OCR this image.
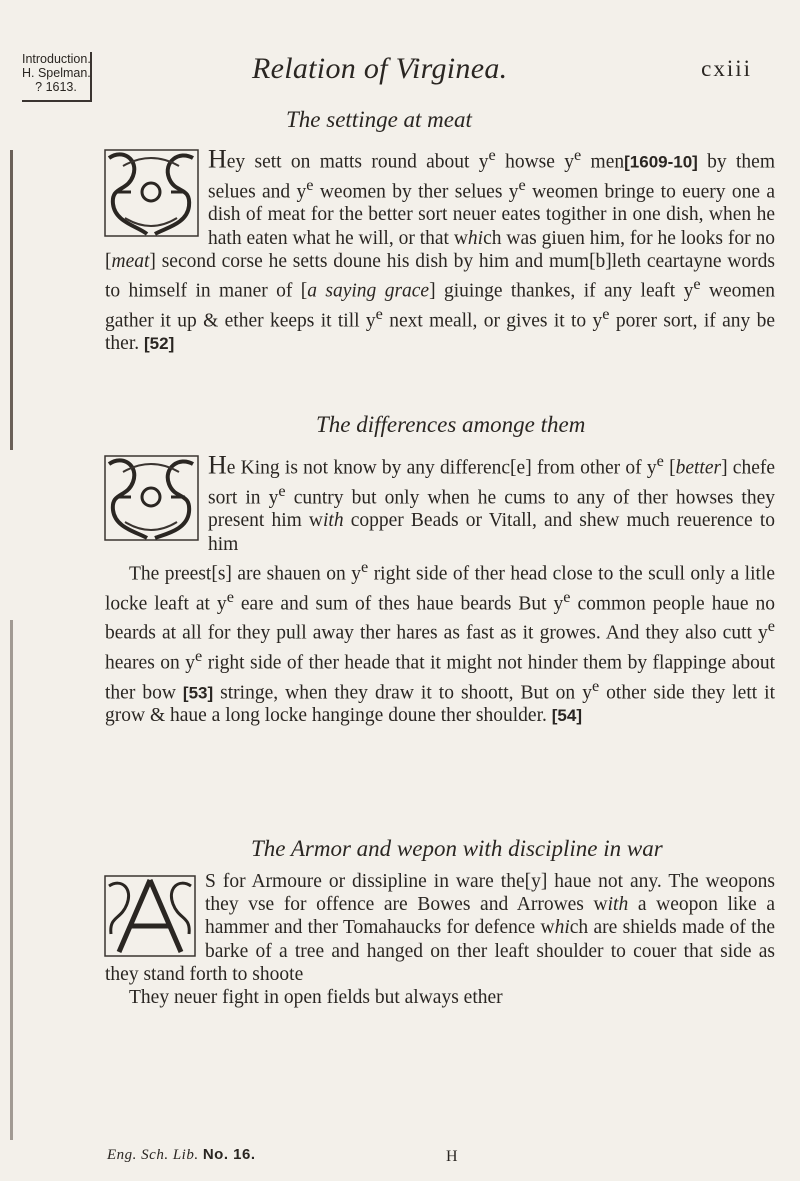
Introduction.
H. Spelman.
? 1613.
Relation of Virginea.	cxiii
The settinge at meat

Hey sett on matts round about $y^e$ howse $y^e$ men[1609-10] by them selues and $y^e$ weomen by ther selues $y^e$ weomen bringe to euery one a dish of meat for the better sort neuer eates togither in one dish, when he hath eaten what he will, or that which was giuen him, for he looks for no [meat] second corse he setts doune his dish by him and mum[b]leth ceartayne words to himself in maner of [a saying grace] giuinge thankes, if any leaft $y^e$ weomen gather it up & ether keeps it till $y^e$ next meall, or gives it to $y^e$ porer sort, if any be ther. [52]

The differences amonge them

He King is not know by any differenc[e] from other of $y^e$ [better] chefe sort in $y^e$ cuntry but only when he cums to any of ther howses they present him with copper Beads or Vitall, and shew much reuerence to him

The preest[s] are shauen on $y^e$ right side of ther head close to the scull only a litle locke leaft at $y^e$ eare and sum of thes haue beards But $y^e$ common people haue no beards at all for they pull away ther hares as fast as it growes. And they also cutt $y^e$ heares on $y^e$ right side of ther heade that it might not hinder them by flappinge about ther bow [53] stringe, when they draw it to shoott, But on $y^e$ other side they lett it grow & haue a long locke hanginge doune ther shoulder. [54]

The Armor and wepon with discipline in war

S for Armoure or dissipline in ware the[y] haue not any. The weopons they vse for offence are Bowes and Arrowes with a weopon like a hammer and ther Tomahaucks for defence which are shields made of the barke of a tree and hanged on ther leaft shoulder to couer that side as they stand forth to shoote

They neuer fight in open fields but always ether

Eng. Sch. Lib. No. 16.	H
